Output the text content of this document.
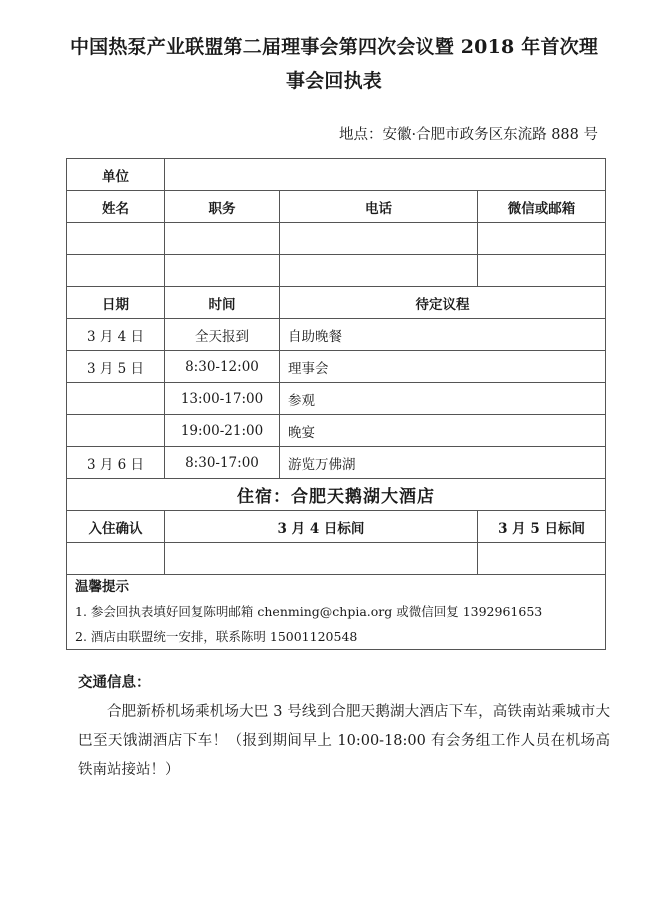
中国热泵产业联盟第二届理事会第四次会议暨 2018 年首次理事会回执表

地点：安徽·合肥市政务区东流路 888 号

单位			
姓名	职务	电话	微信或邮箱

日期	时间	待定议程	
3 月 4 日	全天报到	自助晚餐	
3 月 5 日	8:30-12:00	理事会	
	13:00-17:00	参观	
	19:00-21:00	晚宴	
3 月 6 日	8:30-17:00	游览万佛湖	
住宿：合肥天鹅湖大酒店			
入住确认	3 月 4 日标间		3 月 5 日标间

温馨提示
1. 参会回执表填好回复陈明邮箱 chenming@chpia.org 或微信回复 1392961653
2. 酒店由联盟统一安排，联系陈明 15001120548			

交通信息：

合肥新桥机场乘机场大巴 3 号线到合肥天鹅湖大酒店下车，高铁南站乘城市大巴至天饿湖酒店下车！（报到期间早上 10:00-18:00 有会务组工作人员在机场高铁南站接站！）
